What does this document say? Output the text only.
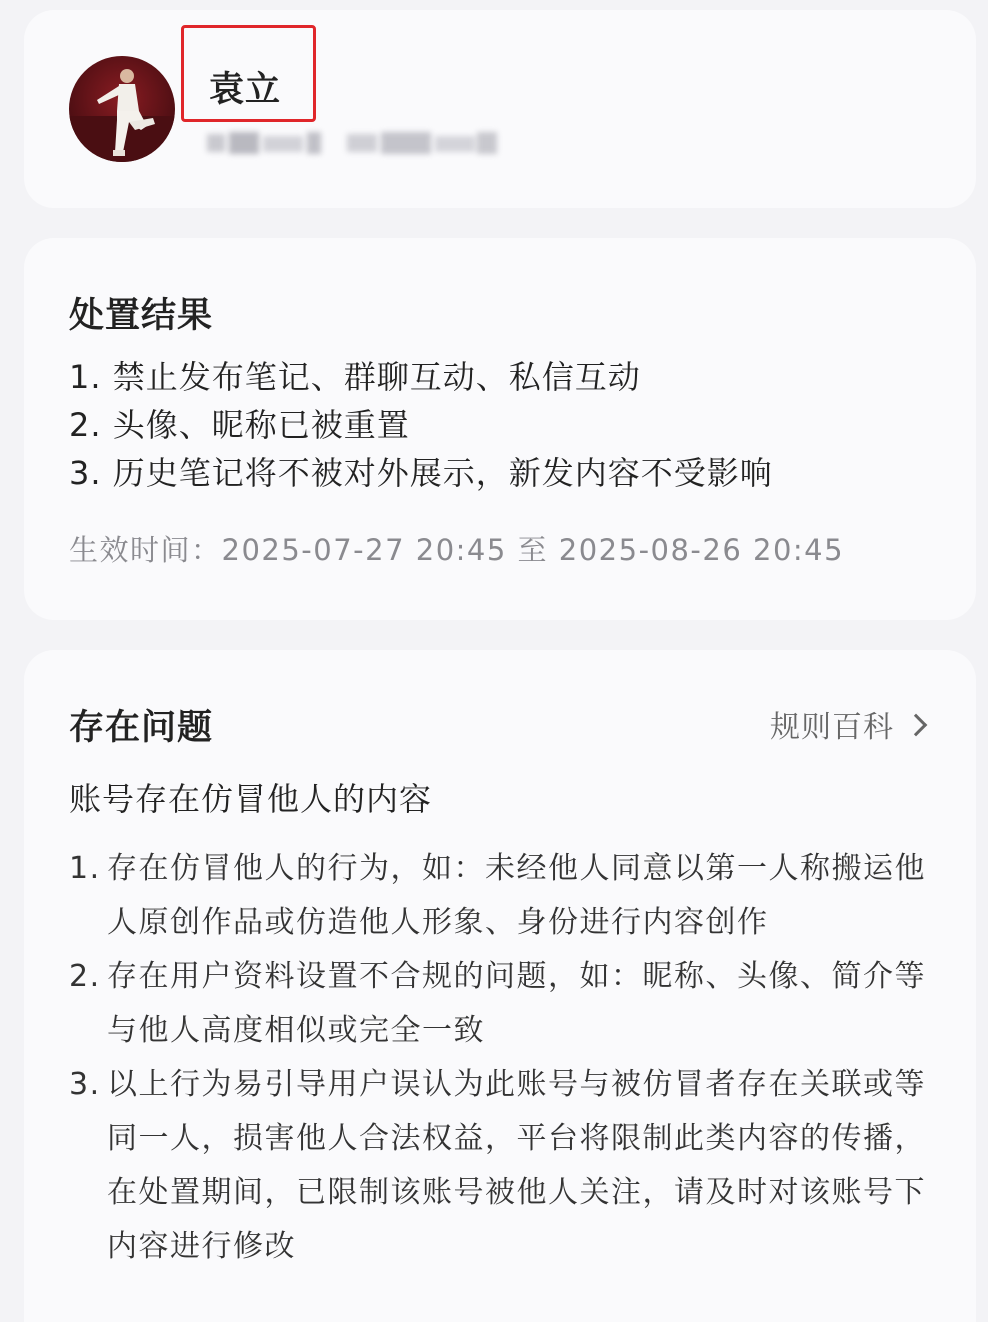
袁立
处置结果
1. 禁止发布笔记、群聊互动、私信互动
2. 头像、昵称已被重置
3. 历史笔记将不被对外展示，新发内容不受影响
生效时间：2025-07-27 20:45 至 2025-08-26 20:45
存在问题	规则百科
账号存在仿冒他人的内容
1. 存在仿冒他人的行为，如：未经他人同意以第一人称搬运他人原创作品或仿造他人形象、身份进行内容创作
2. 存在用户资料设置不合规的问题，如：昵称、头像、简介等与他人高度相似或完全一致
3. 以上行为易引导用户误认为此账号与被仿冒者存在关联或等同一人，损害他人合法权益，平台将限制此类内容的传播，在处置期间，已限制该账号被他人关注，请及时对该账号下内容进行修改
